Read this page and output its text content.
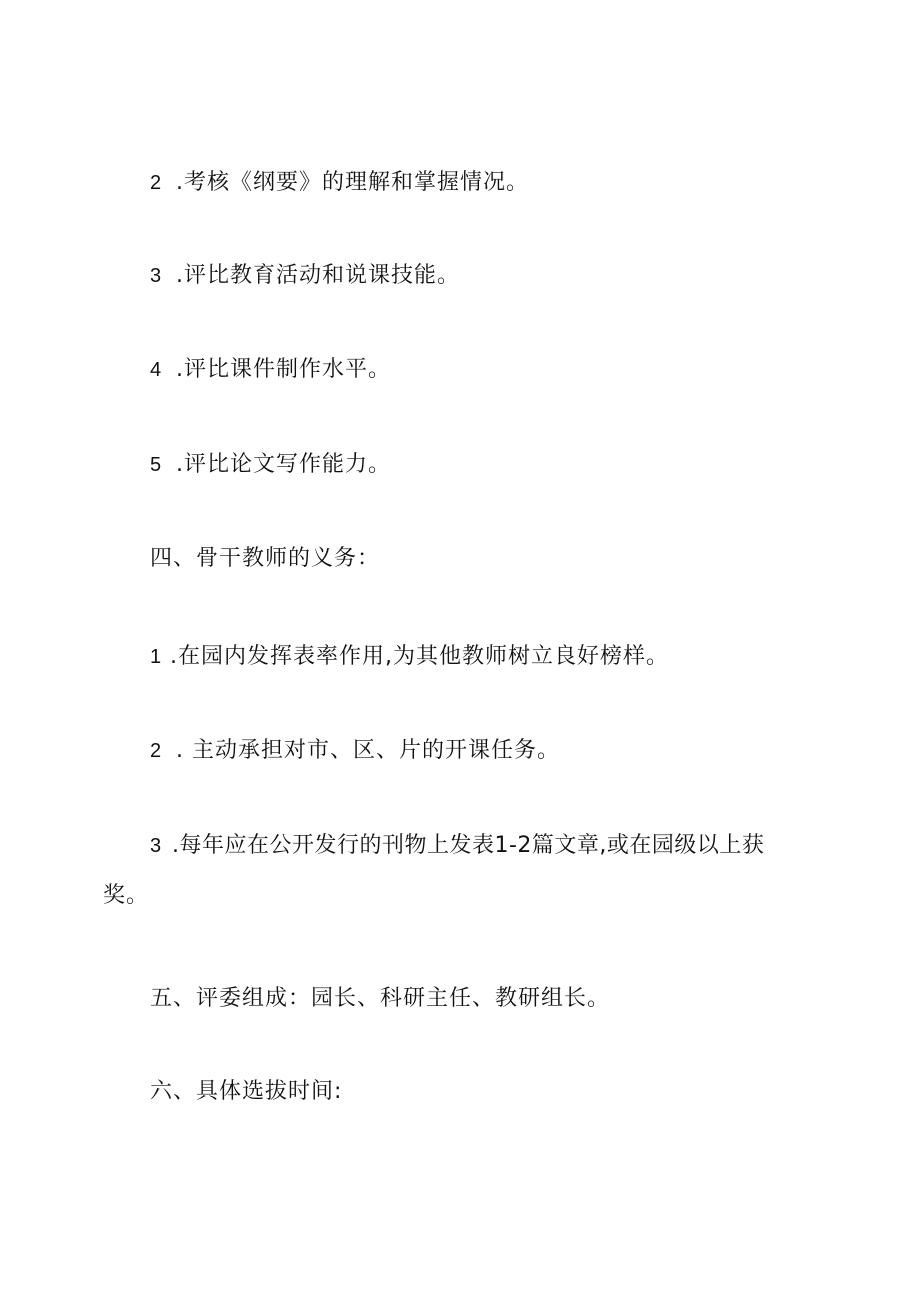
2 .考核《纲要》的理解和掌握情况。
3 .评比教育活动和说课技能。
4 .评比课件制作水平。
5 .评比论文写作能力。
四、骨干教师的义务：
1 .在园内发挥表率作用,为其他教师树立良好榜样。
2 . 主动承担对市、区、片的开课任务。
3 .每年应在公开发行的刊物上发表1-2篇文章,或在园级以上获
奖。
五、评委组成：园长、科研主任、教研组长。
六、具体选拔时间:
